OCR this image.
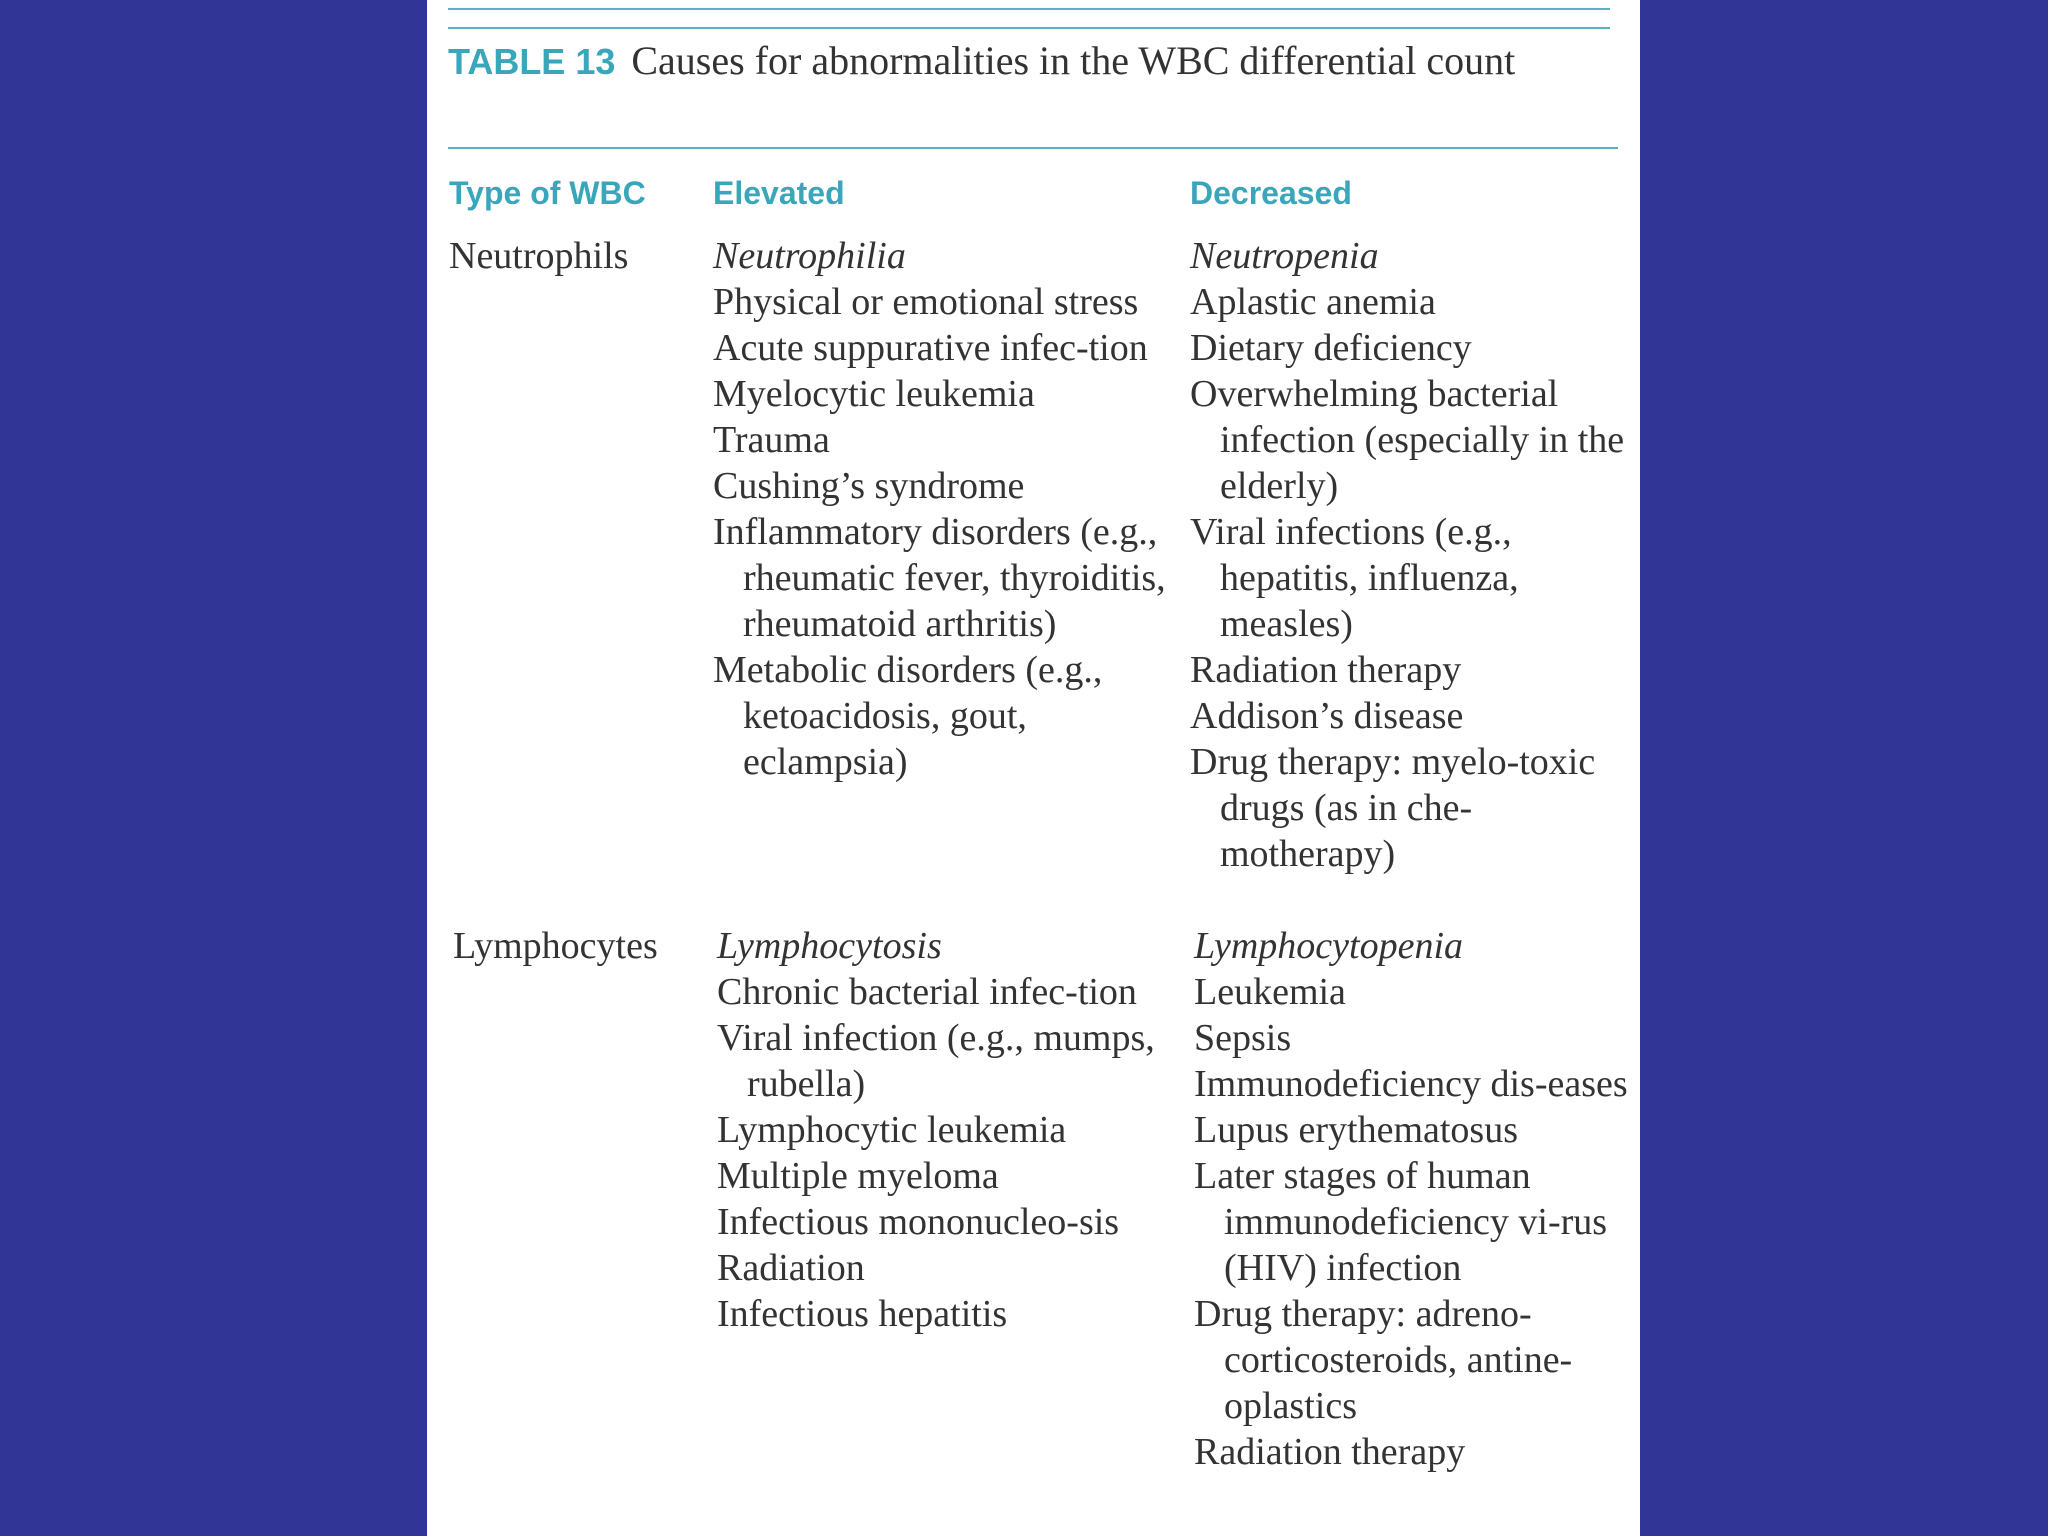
TABLE 13 Causes for abnormalities in the WBC differential count
Type of WBC Elevated	Decreased
Neutrophils Neutrophilia
Physical or emotional stress
Acute suppurative infec-tion
Myelocytic leukemia
Trauma
Cushing’s syndrome
Inflammatory disorders (e.g., rheumatic fever, thyroiditis, rheumatoid arthritis)
Metabolic disorders (e.g., ketoacidosis, gout, eclampsia)
Neutropenia
Aplastic anemia
Dietary deficiency
Overwhelming bacterial infection (especially in the elderly)
Viral infections (e.g., hepatitis, influenza, measles)
Radiation therapy
Addison’s disease
Drug therapy: myelo-toxic drugs (as in che-motherapy)
Lymphocytes Lymphocytosis
Chronic bacterial infec-tion
Viral infection (e.g., mumps, rubella)
Lymphocytic leukemia
Multiple myeloma
Infectious mononucleo-sis
Radiation
Infectious hepatitis
Lymphocytopenia
Leukemia
Sepsis
Immunodeficiency dis-eases
Lupus erythematosus
Later stages of human immunodeficiency vi-rus (HIV) infection
Drug therapy: adreno-corticosteroids, antine-oplastics
Radiation therapy
